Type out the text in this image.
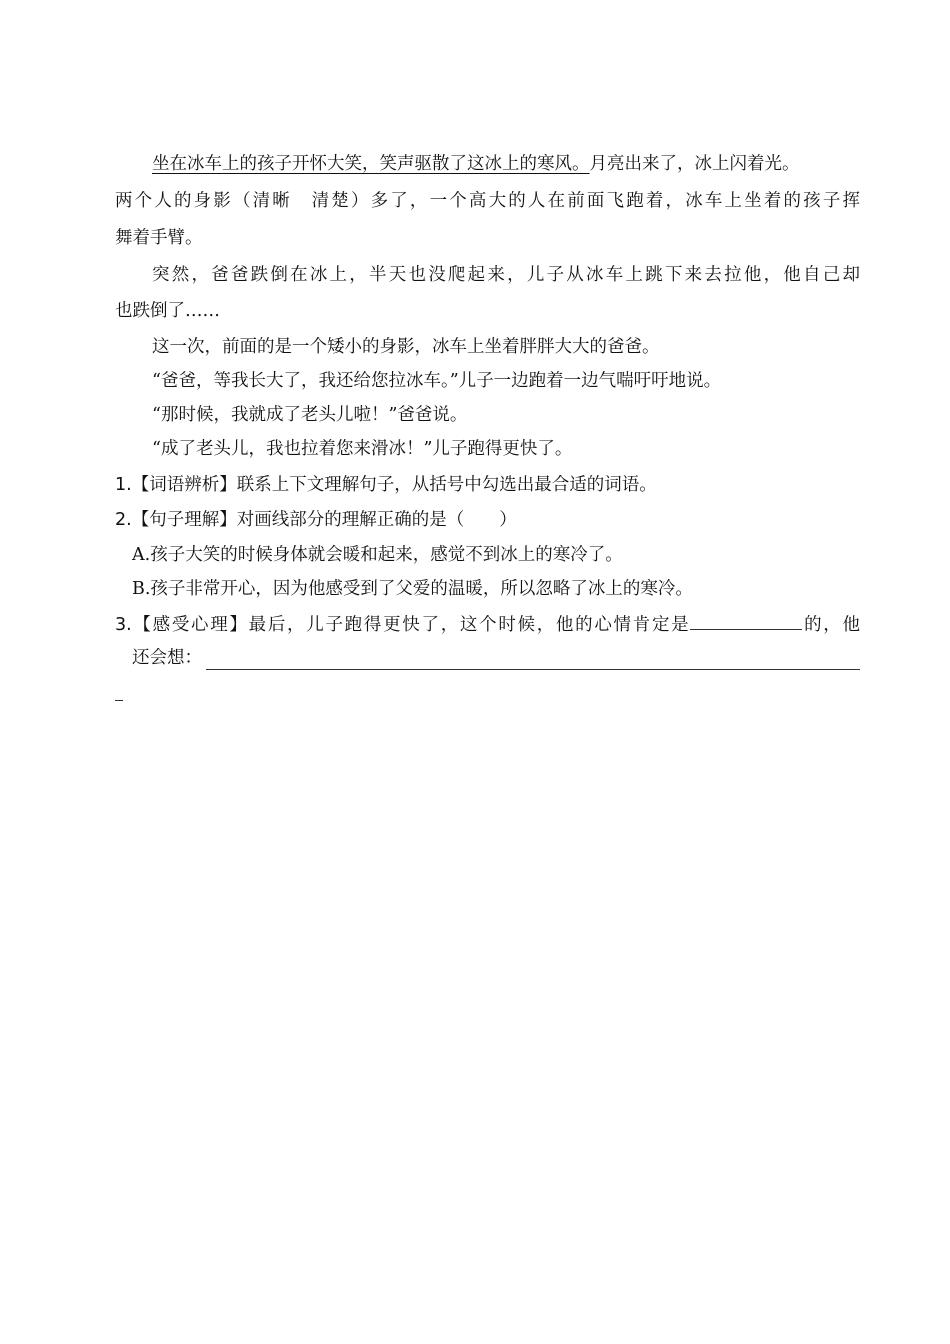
坐在冰车上的孩子开怀大笑，笑声驱散了这冰上的寒风。月亮出来了，冰上闪着光。
两个人的身影（清晰　清楚）多了，一个高大的人在前面飞跑着，冰车上坐着的孩子挥
舞着手臂。
突然，爸爸跌倒在冰上，半天也没爬起来，儿子从冰车上跳下来去拉他，他自己却
也跌倒了……
这一次，前面的是一个矮小的身影，冰车上坐着胖胖大大的爸爸。
“爸爸，等我长大了，我还给您拉冰车。”儿子一边跑着一边气喘吁吁地说。
“那时候，我就成了老头儿啦！”爸爸说。
“成了老头儿，我也拉着您来滑冰！”儿子跑得更快了。
1.【词语辨析】联系上下文理解句子，从括号中勾选出最合适的词语。
2.【句子理解】对画线部分的理解正确的是（　　）
A.孩子大笑的时候身体就会暖和起来，感觉不到冰上的寒冷了。
B.孩子非常开心，因为他感受到了父爱的温暖，所以忽略了冰上的寒冷。
3.【感受心理】最后，儿子跑得更快了，这个时候，他的心情肯定是	的，他
还会想：
